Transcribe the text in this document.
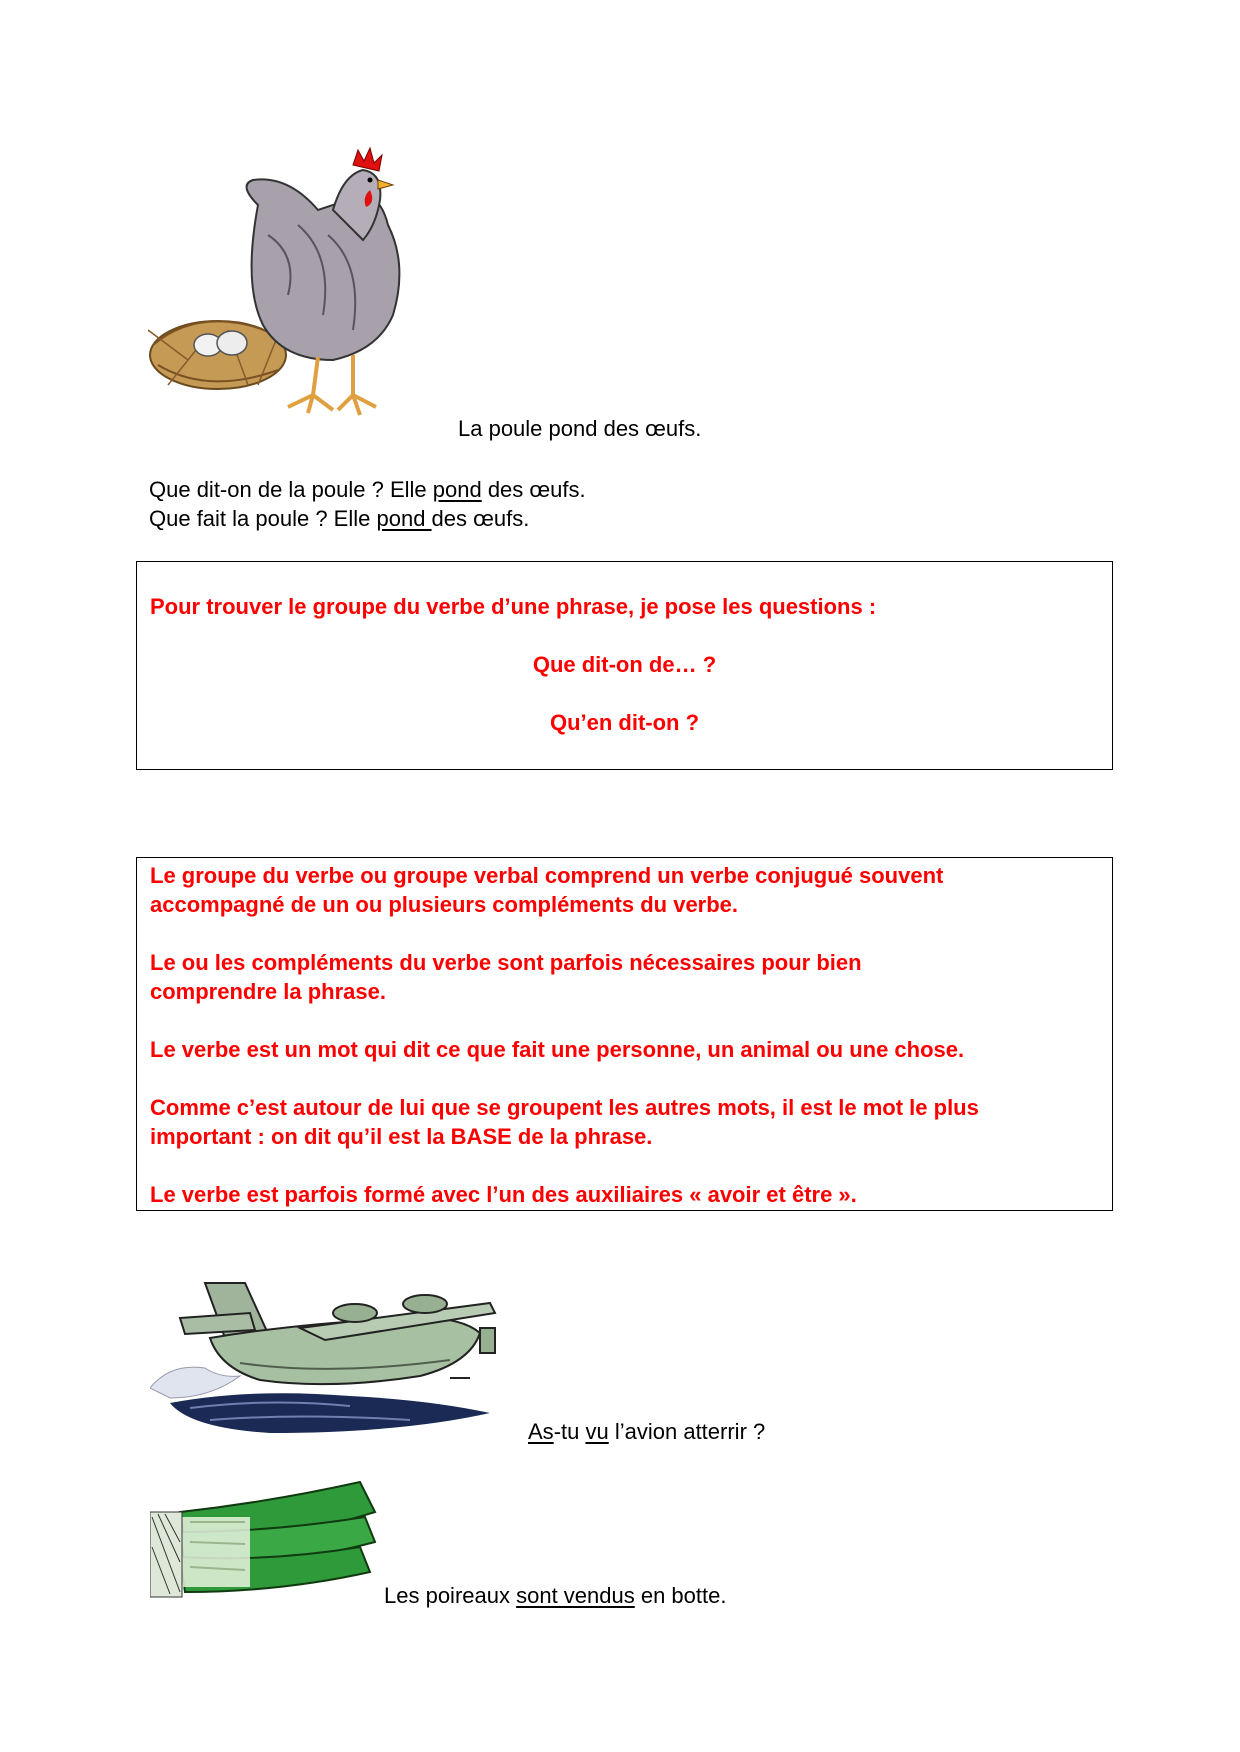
La poule pond des œufs.
Que dit-on de la poule ? Elle pond des œufs.
Que fait la poule ? Elle pond des œufs.
Pour trouver le groupe du verbe d’une phrase, je pose les questions :
Que dit-on de… ?
Qu’en dit-on ?
Le groupe du verbe ou groupe verbal comprend un verbe conjugué souvent
accompagné de un ou plusieurs compléments du verbe.
Le ou les compléments du verbe sont parfois nécessaires pour bien
comprendre la phrase.
Le verbe est un mot qui dit ce que fait une personne, un animal ou une chose.
Comme c’est autour de lui que se groupent les autres mots, il est le mot le plus
important : on dit qu’il est la BASE de la phrase.
Le verbe est parfois formé avec l’un des auxiliaires « avoir et être ».
As-tu vu l’avion atterrir ?
Les poireaux sont vendus en botte.
